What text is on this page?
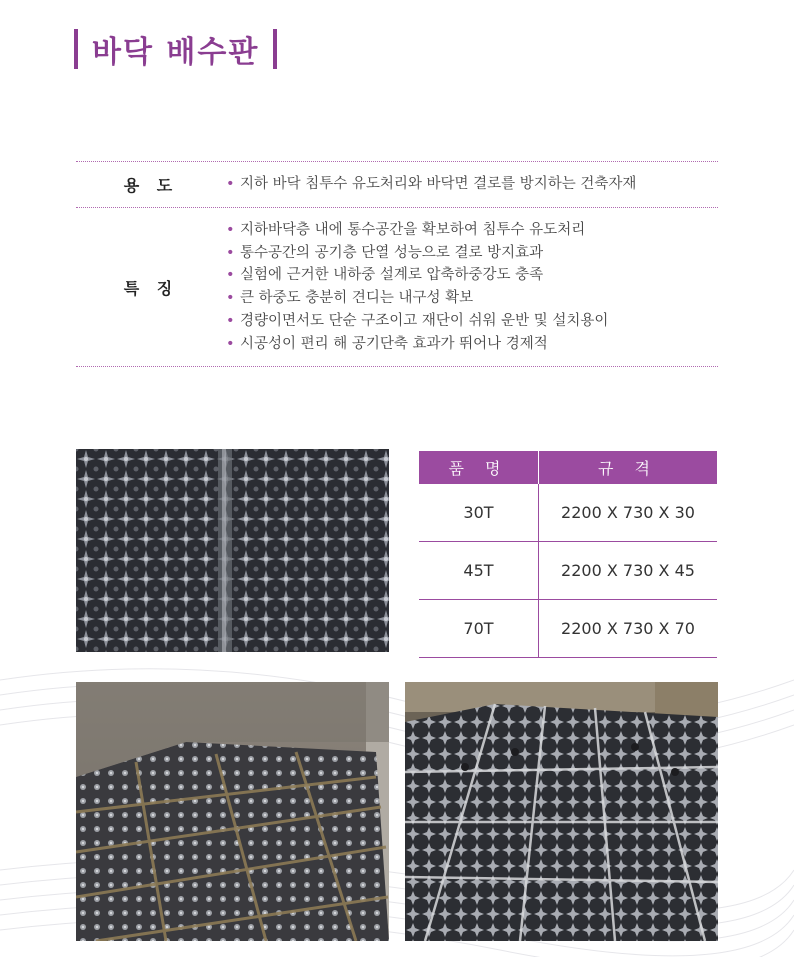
바닥 배수판
용 도	• 지하 바닥 침투수 유도처리와 바닥면 결로를 방지하는 건축자재
특 징
• 지하바닥층 내에 통수공간을 확보하여 침투수 유도처리
• 통수공간의 공기층 단열 성능으로 결로 방지효과
• 실험에 근거한 내하중 설계로 압축하중강도 충족
• 큰 하중도 충분히 견디는 내구성 확보
• 경량이면서도 단순 구조이고 재단이 쉬워 운반 및 설치용이
• 시공성이 편리 해 공기단축 효과가 뛰어나 경제적
품 명	규 격
30T	2200 X 730 X 30
45T	2200 X 730 X 45
70T	2200 X 730 X 70
